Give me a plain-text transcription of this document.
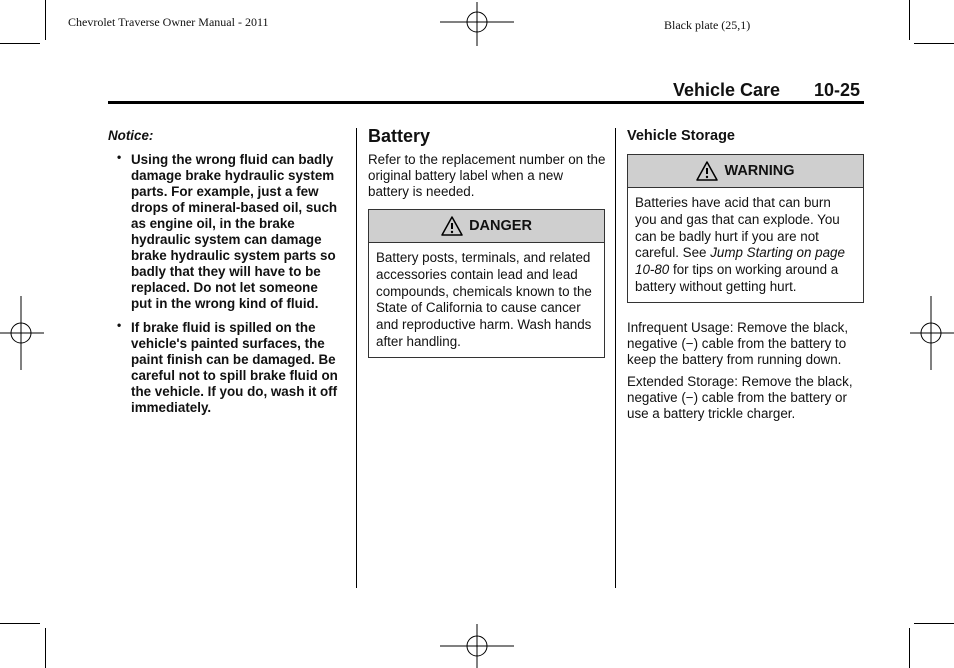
Chevrolet Traverse Owner Manual - 2011	Black plate (25,1)
Vehicle Care 10-25
Notice:
• Using the wrong fluid can badly damage brake hydraulic system parts. For example, just a few drops of mineral-based oil, such as engine oil, in the brake hydraulic system can damage brake hydraulic system parts so badly that they will have to be replaced. Do not let someone put in the wrong kind of fluid.
• If brake fluid is spilled on the vehicle's painted surfaces, the paint finish can be damaged. Be careful not to spill brake fluid on the vehicle. If you do, wash it off immediately.
Battery

Refer to the replacement number on the original battery label when a new battery is needed.

DANGER
Battery posts, terminals, and related accessories contain lead and lead compounds, chemicals known to the State of California to cause cancer and reproductive harm. Wash hands after handling.
Vehicle Storage
WARNING
Batteries have acid that can burn you and gas that can explode. You can be badly hurt if you are not careful. See Jump Starting on page 10-80 for tips on working around a battery without getting hurt.

Infrequent Usage: Remove the black, negative (−) cable from the battery to keep the battery from running down.

Extended Storage: Remove the black, negative (−) cable from the battery or use a battery trickle charger.
